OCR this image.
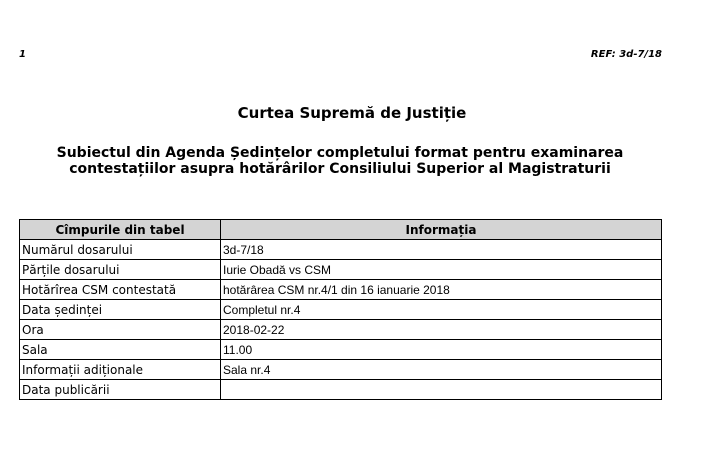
1	REF: 3d-7/18
Curtea Supremă de Justiție
Subiectul din Agenda Ședințelor completului format pentru examinarea
contestațiilor asupra hotărârilor Consiliului Superior al Magistraturii
Cîmpurile din tabel	Informația
Numărul dosarului	3d-7/18
Părțile dosarului	Iurie Obadă vs CSM
Hotărîrea CSM contestată	hotărârea CSM nr.4/1 din 16 ianuarie 2018
Data ședinței	Completul nr.4
Ora	2018-02-22
Sala	11.00
Informații adiționale	Sala nr.4
Data publicării	
